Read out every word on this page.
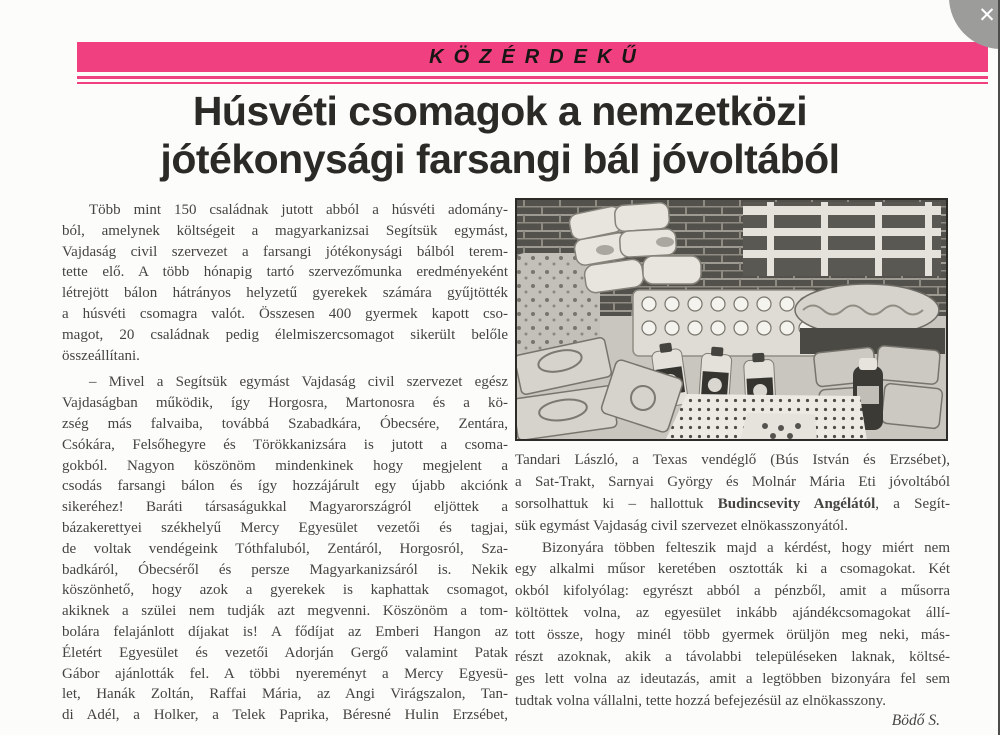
KÖZÉRDEKŰ
Húsvéti csomagok a nemzetközi
jótékonysági farsangi bál jóvoltából
Több mint 150 családnak jutott abból a húsvéti adomány-
ból, amelynek költségeit a magyarkanizsai Segítsük egymást,
Vajdaság civil szervezet a farsangi jótékonysági bálból terem-
tette elő. A több hónapig tartó szervezőmunka eredményeként
létrejött bálon hátrányos helyzetű gyerekek számára gyűjtötték
a húsvéti csomagra valót. Összesen 400 gyermek kapott cso-
magot, 20 családnak pedig élelmiszercsomagot sikerült belőle
összeállítani.
– Mivel a Segítsük egymást Vajdaság civil szervezet egész
Vajdaságban működik, így Horgosra, Martonosra és a kö-
zség más falvaiba, továbbá Szabadkára, Óbecsére, Zentára,
Csókára, Felsőhegyre és Törökkanizsára is jutott a csoma-
gokból. Nagyon köszönöm mindenkinek hogy megjelent a
csodás farsangi bálon és így hozzájárult egy újabb akciónk
sikeréhez! Baráti társaságukkal Magyarországról eljöttek a
bázakerettyei székhelyű Mercy Egyesület vezetői és tagjai,
de voltak vendégeink Tóthfaluból, Zentáról, Horgosról, Sza-
badkáról, Óbecséről és persze Magyarkanizsáról is. Nekik
köszönhető, hogy azok a gyerekek is kaphattak csomagot,
akiknek a szülei nem tudják azt megvenni. Köszönöm a tom-
bolára felajánlott díjakat is! A fődíjat az Emberi Hangon az
Életért Egyesület és vezetői Adorján Gergő valamint Patak
Gábor ajánlották fel. A többi nyereményt a Mercy Egyesü-
let, Hanák Zoltán, Raffai Mária, az Angi Virágszalon, Tan-
di Adél, a Holker, a Telek Paprika, Béresné Hulin Erzsébet,
Tandari László, a Texas vendéglő (Bús István és Erzsébet),
a Sat-Trakt, Sarnyai György és Molnár Mária Eti jóvoltából
sorsolhattuk ki – hallottuk Budincsevity Angélától, a Segít-
sük egymást Vajdaság civil szervezet elnökasszonyától.
Bizonyára többen felteszik majd a kérdést, hogy miért nem
egy alkalmi műsor keretében osztották ki a csomagokat. Két
okból kifolyólag: egyrészt abból a pénzből, amit a műsorra
költöttek volna, az egyesület inkább ajándékcsomagokat állí-
tott össze, hogy minél több gyermek örüljön meg neki, más-
részt azoknak, akik a távolabbi településeken laknak, költsé-
ges lett volna az ideutazás, amit a legtöbben bizonyára fel sem
tudtak volna vállalni, tette hozzá befejezésül az elnökasszony.
Bödő S.
✕
